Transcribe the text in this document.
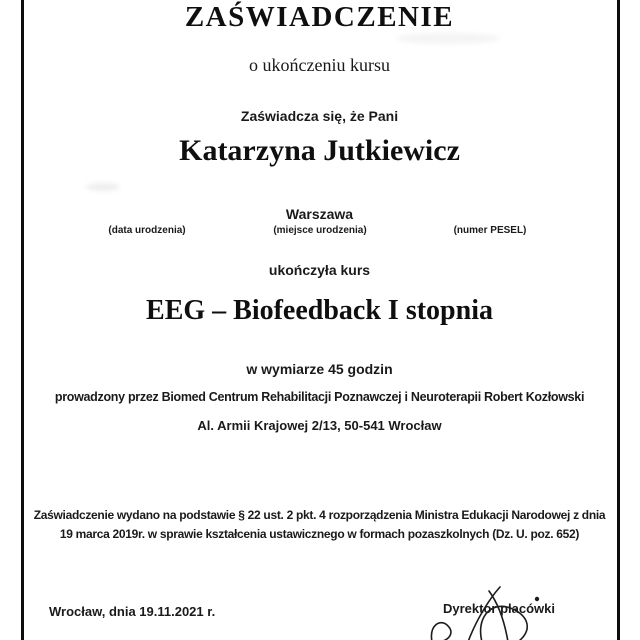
ZAŚWIADCZENIE
o ukończeniu kursu
Zaświadcza się, że Pani
Katarzyna Jutkiewicz
Warszawa
(data urodzenia)	(miejsce urodzenia)	(numer PESEL)
ukończyła kurs
EEG – Biofeedback I stopnia
w wymiarze 45 godzin
prowadzony przez Biomed Centrum Rehabilitacji Poznawczej i Neuroterapii Robert Kozłowski
Al. Armii Krajowej 2/13, 50-541 Wrocław
Zaświadczenie wydano na podstawie § 22 ust. 2 pkt. 4 rozporządzenia Ministra Edukacji Narodowej z dnia
19 marca 2019r. w sprawie kształcenia ustawicznego w formach pozaszkolnych (Dz. U. poz. 652)
Wrocław, dnia 19.11.2021 r.	Dyrektor placówki
